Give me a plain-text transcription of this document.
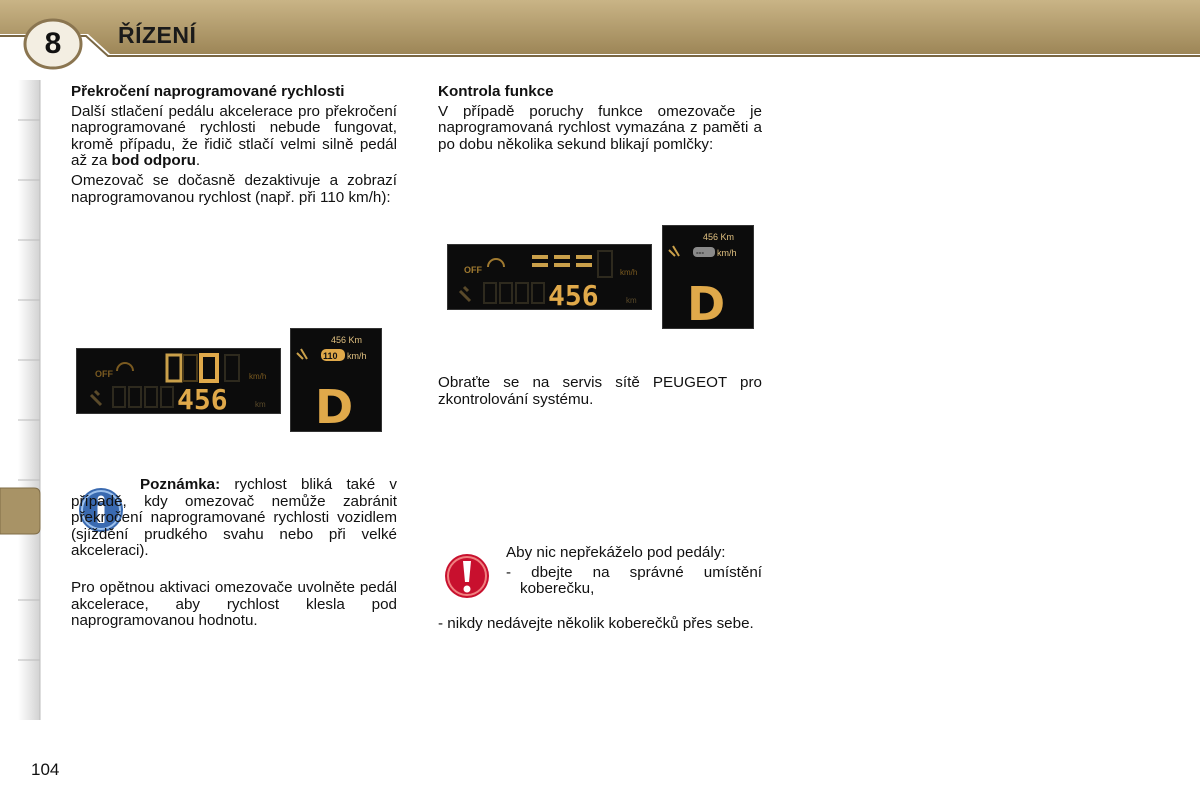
8	ŘÍZENÍ

Překročení naprogramované rychlosti

Další stlačení pedálu akcelerace pro překročení naprogramované rychlosti nebude fungovat, kromě případu, že řidič stlačí velmi silně pedál až za bod odporu.

Omezovač se dočasně dezaktivuje a zobrazí naprogramovanou rychlost (např. při 110 km/h):

OFF	km/h
456	km
456 Km
110 km/h
D

Poznámka: rychlost bliká také v případě, kdy omezovač nemůže zabránit překročení naprogramované rychlosti vozidlem (sjíždění prudkého svahu nebo při velké akceleraci).

Pro opětnou aktivaci omezovače uvolněte pedál akcelerace, aby rychlost klesla pod naprogramovanou hodnotu.

Kontrola funkce

V případě poruchy funkce omezovače je naprogramovaná rychlost vymazána z paměti a po dobu několika sekund blikají pomlčky:

OFF	km/h
456	km
456 Km
--- km/h
D

Obraťte se na servis sítě PEUGEOT pro zkontrolování systému.

Aby nic nepřekáželo pod pedály:

- dbejte na správné umístění koberečku,

- nikdy nedávejte několik koberečků přes sebe.

104
